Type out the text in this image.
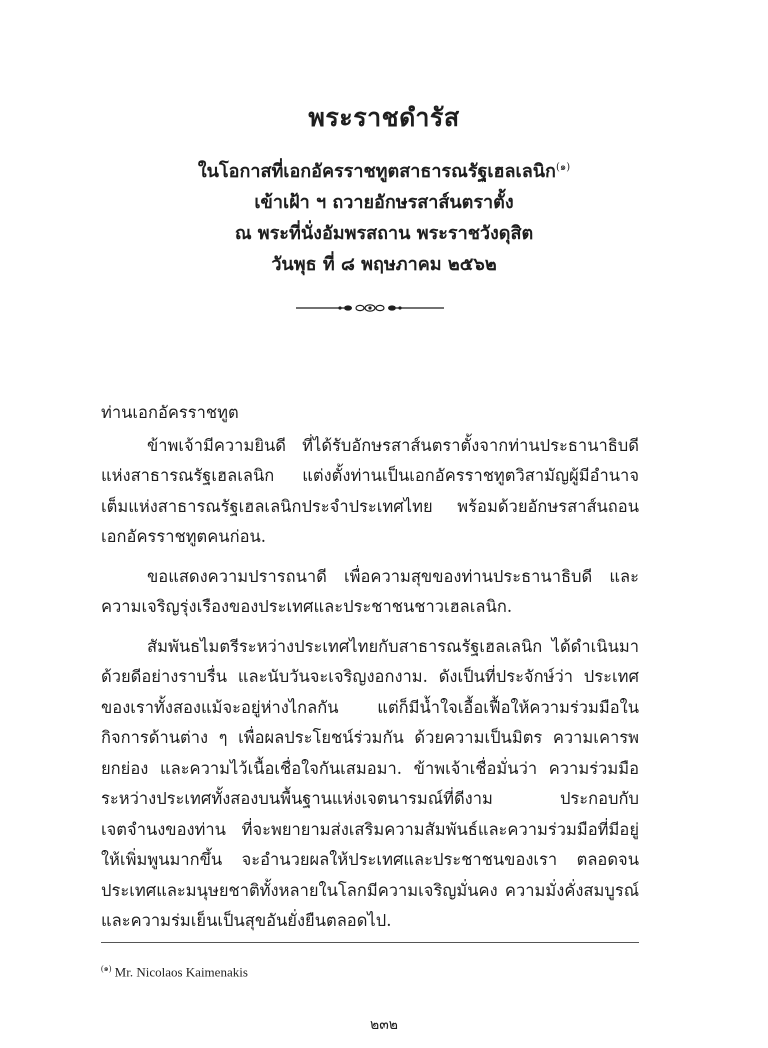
พระราชดำรัส
ในโอกาสที่เอกอัครราชทูตสาธารณรัฐเฮลเลนิก$^{(๑)}$
เข้าเฝ้า ฯ ถวายอักษรสาส์นตราตั้ง
ณ พระที่นั่งอัมพรสถาน พระราชวังดุสิต
วันพุธ ที่ ๘ พฤษภาคม ๒๕๖๒

ท่านเอกอัครราชทูต

ข้าพเจ้ามีความยินดี ที่ได้รับอักษรสาส์นตราตั้งจากท่านประธานาธิบดีแห่งสาธารณรัฐเฮลเลนิก แต่งตั้งท่านเป็นเอกอัครราชทูตวิสามัญผู้มีอำนาจเต็มแห่งสาธารณรัฐเฮลเลนิกประจำประเทศไทย พร้อมด้วยอักษรสาส์นถอนเอกอัครราชทูตคนก่อน.

ขอแสดงความปรารถนาดี เพื่อความสุขของท่านประธานาธิบดี และความเจริญรุ่งเรืองของประเทศและประชาชนชาวเฮลเลนิก.

สัมพันธไมตรีระหว่างประเทศไทยกับสาธารณรัฐเฮลเลนิก ได้ดำเนินมาด้วยดีอย่างราบรื่น และนับวันจะเจริญงอกงาม. ดังเป็นที่ประจักษ์ว่า ประเทศของเราทั้งสองแม้จะอยู่ห่างไกลกัน แต่ก็มีน้ำใจเอื้อเฟื้อให้ความร่วมมือในกิจการด้านต่าง ๆ เพื่อผลประโยชน์ร่วมกัน ด้วยความเป็นมิตร ความเคารพยกย่อง และความไว้เนื้อเชื่อใจกันเสมอมา. ข้าพเจ้าเชื่อมั่นว่า ความร่วมมือระหว่างประเทศทั้งสองบนพื้นฐานแห่งเจตนารมณ์ที่ดีงาม ประกอบกับเจตจำนงของท่าน ที่จะพยายามส่งเสริมความสัมพันธ์และความร่วมมือที่มีอยู่ให้เพิ่มพูนมากขึ้น จะอำนวยผลให้ประเทศและประชาชนของเรา ตลอดจนประเทศและมนุษยชาติทั้งหลายในโลกมีความเจริญมั่นคง ความมั่งคั่งสมบูรณ์ และความร่มเย็นเป็นสุขอันยั่งยืนตลอดไป.

$^{(๑)}$ Mr. Nicolaos Kaimenakis
๒๓๒
